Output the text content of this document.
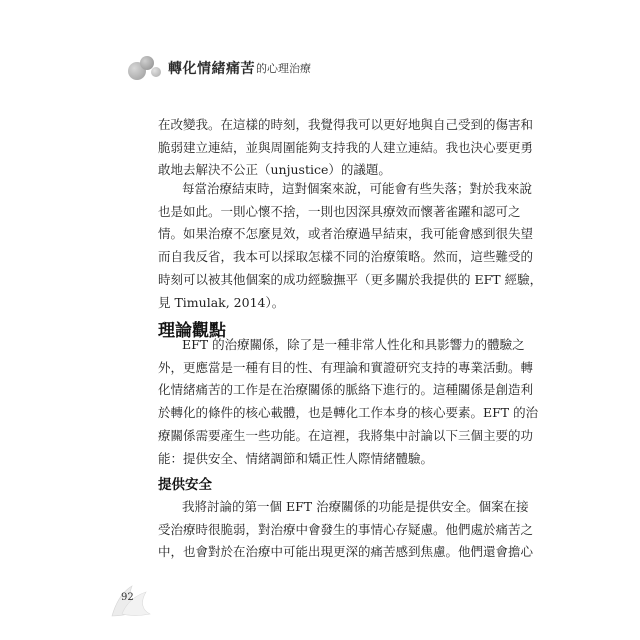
轉化情緒痛苦 的心理治療
在改變我。在這樣的時刻，我覺得我可以更好地與自己受到的傷害和
脆弱建立連結，並與周圍能夠支持我的人建立連結。我也決心要更勇
敢地去解決不公正（unjustice）的議題。
每當治療結束時，這對個案來說，可能會有些失落；對於我來說
也是如此。一則心懷不捨，一則也因深具療效而懷著雀躍和認可之
情。如果治療不怎麼見效，或者治療過早結束，我可能會感到很失望
而自我反省，我本可以採取怎樣不同的治療策略。然而，這些難受的
時刻可以被其他個案的成功經驗撫平（更多關於我提供的 EFT 經驗，
見 Timulak, 2014）。
理論觀點
EFT 的治療關係，除了是一種非常人性化和具影響力的體驗之
外，更應當是一種有目的性、有理論和實證研究支持的專業活動。轉
化情緒痛苦的工作是在治療關係的脈絡下進行的。這種關係是創造利
於轉化的條件的核心載體，也是轉化工作本身的核心要素。EFT 的治
療關係需要產生一些功能。在這裡，我將集中討論以下三個主要的功
能：提供安全、情緒調節和矯正性人際情緒體驗。
提供安全
我將討論的第一個 EFT 治療關係的功能是提供安全。個案在接
受治療時很脆弱，對治療中會發生的事情心存疑慮。他們處於痛苦之
中，也會對於在治療中可能出現更深的痛苦感到焦慮。他們還會擔心
92
